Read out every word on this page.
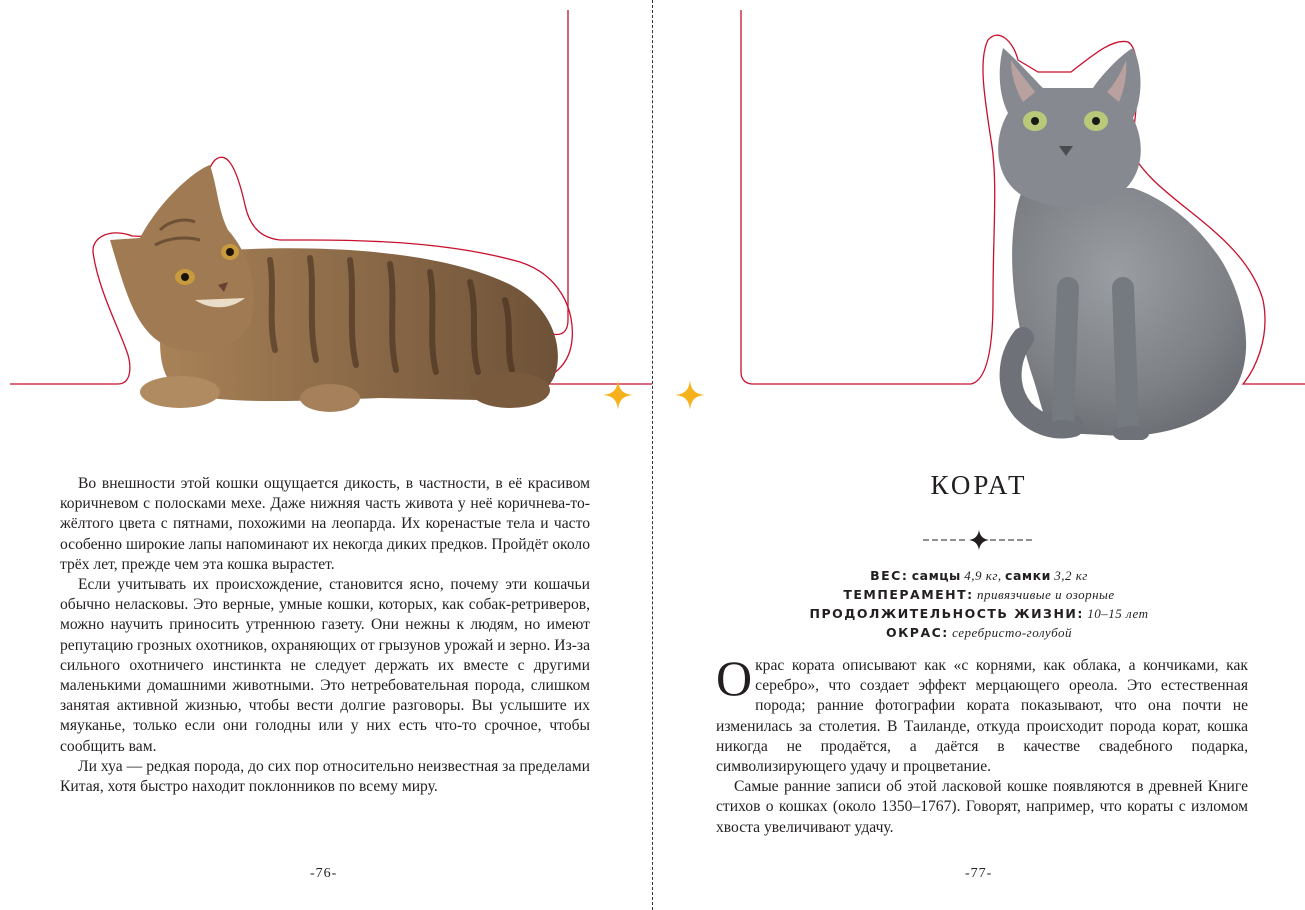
Во внешности этой кошки ощущается дикость, в частности, в её красивом коричневом с полосками мехе. Даже нижняя часть живота у неё коричнева-то-жёлтого цвета с пятнами, похожими на леопарда. Их коренастые тела и часто особенно широкие лапы напоминают их некогда диких предков. Пройдёт около трёх лет, прежде чем эта кошка вырастет.

Если учитывать их происхождение, становится ясно, почему эти кошачьи обычно неласковы. Это верные, умные кошки, которых, как собак-ретриверов, можно научить приносить утреннюю газету. Они нежны к людям, но имеют репутацию грозных охотников, охраняющих от грызунов урожай и зерно. Из-за сильного охотничего инстинкта не следует держать их вместе с другими маленькими домашними животными. Это нетребовательная порода, слишком занятая активной жизнью, чтобы вести долгие разговоры. Вы услышите их мяуканье, только если они голодны или у них есть что-то срочное, чтобы сообщить вам.

Ли хуа — редкая порода, до сих пор относительно неизвестная за пределами Китая, хотя быстро находит поклонников по всему миру.

-76-
КОРАТ
ВЕС: самцы 4,9 кг, самки 3,2 кг
ТЕМПЕРАМЕНТ: привязчивые и озорные
ПРОДОЛЖИТЕЛЬНОСТЬ ЖИЗНИ: 10–15 лет
ОКРАС: серебристо-голубой

Окрас кората описывают как «с корнями, как облака, а кончиками, как серебро», что создает эффект мерцающего ореола. Это естественная порода; ранние фотографии кората показывают, что она почти не изменилась за столетия. В Таиланде, откуда происходит порода корат, кошка никогда не продаётся, а даётся в качестве свадебного подарка, символизирующего удачу и процветание.

Самые ранние записи об этой ласковой кошке появляются в древней Книге стихов о кошках (около 1350–1767). Говорят, например, что кораты с изломом хвоста увеличивают удачу.

-77-
